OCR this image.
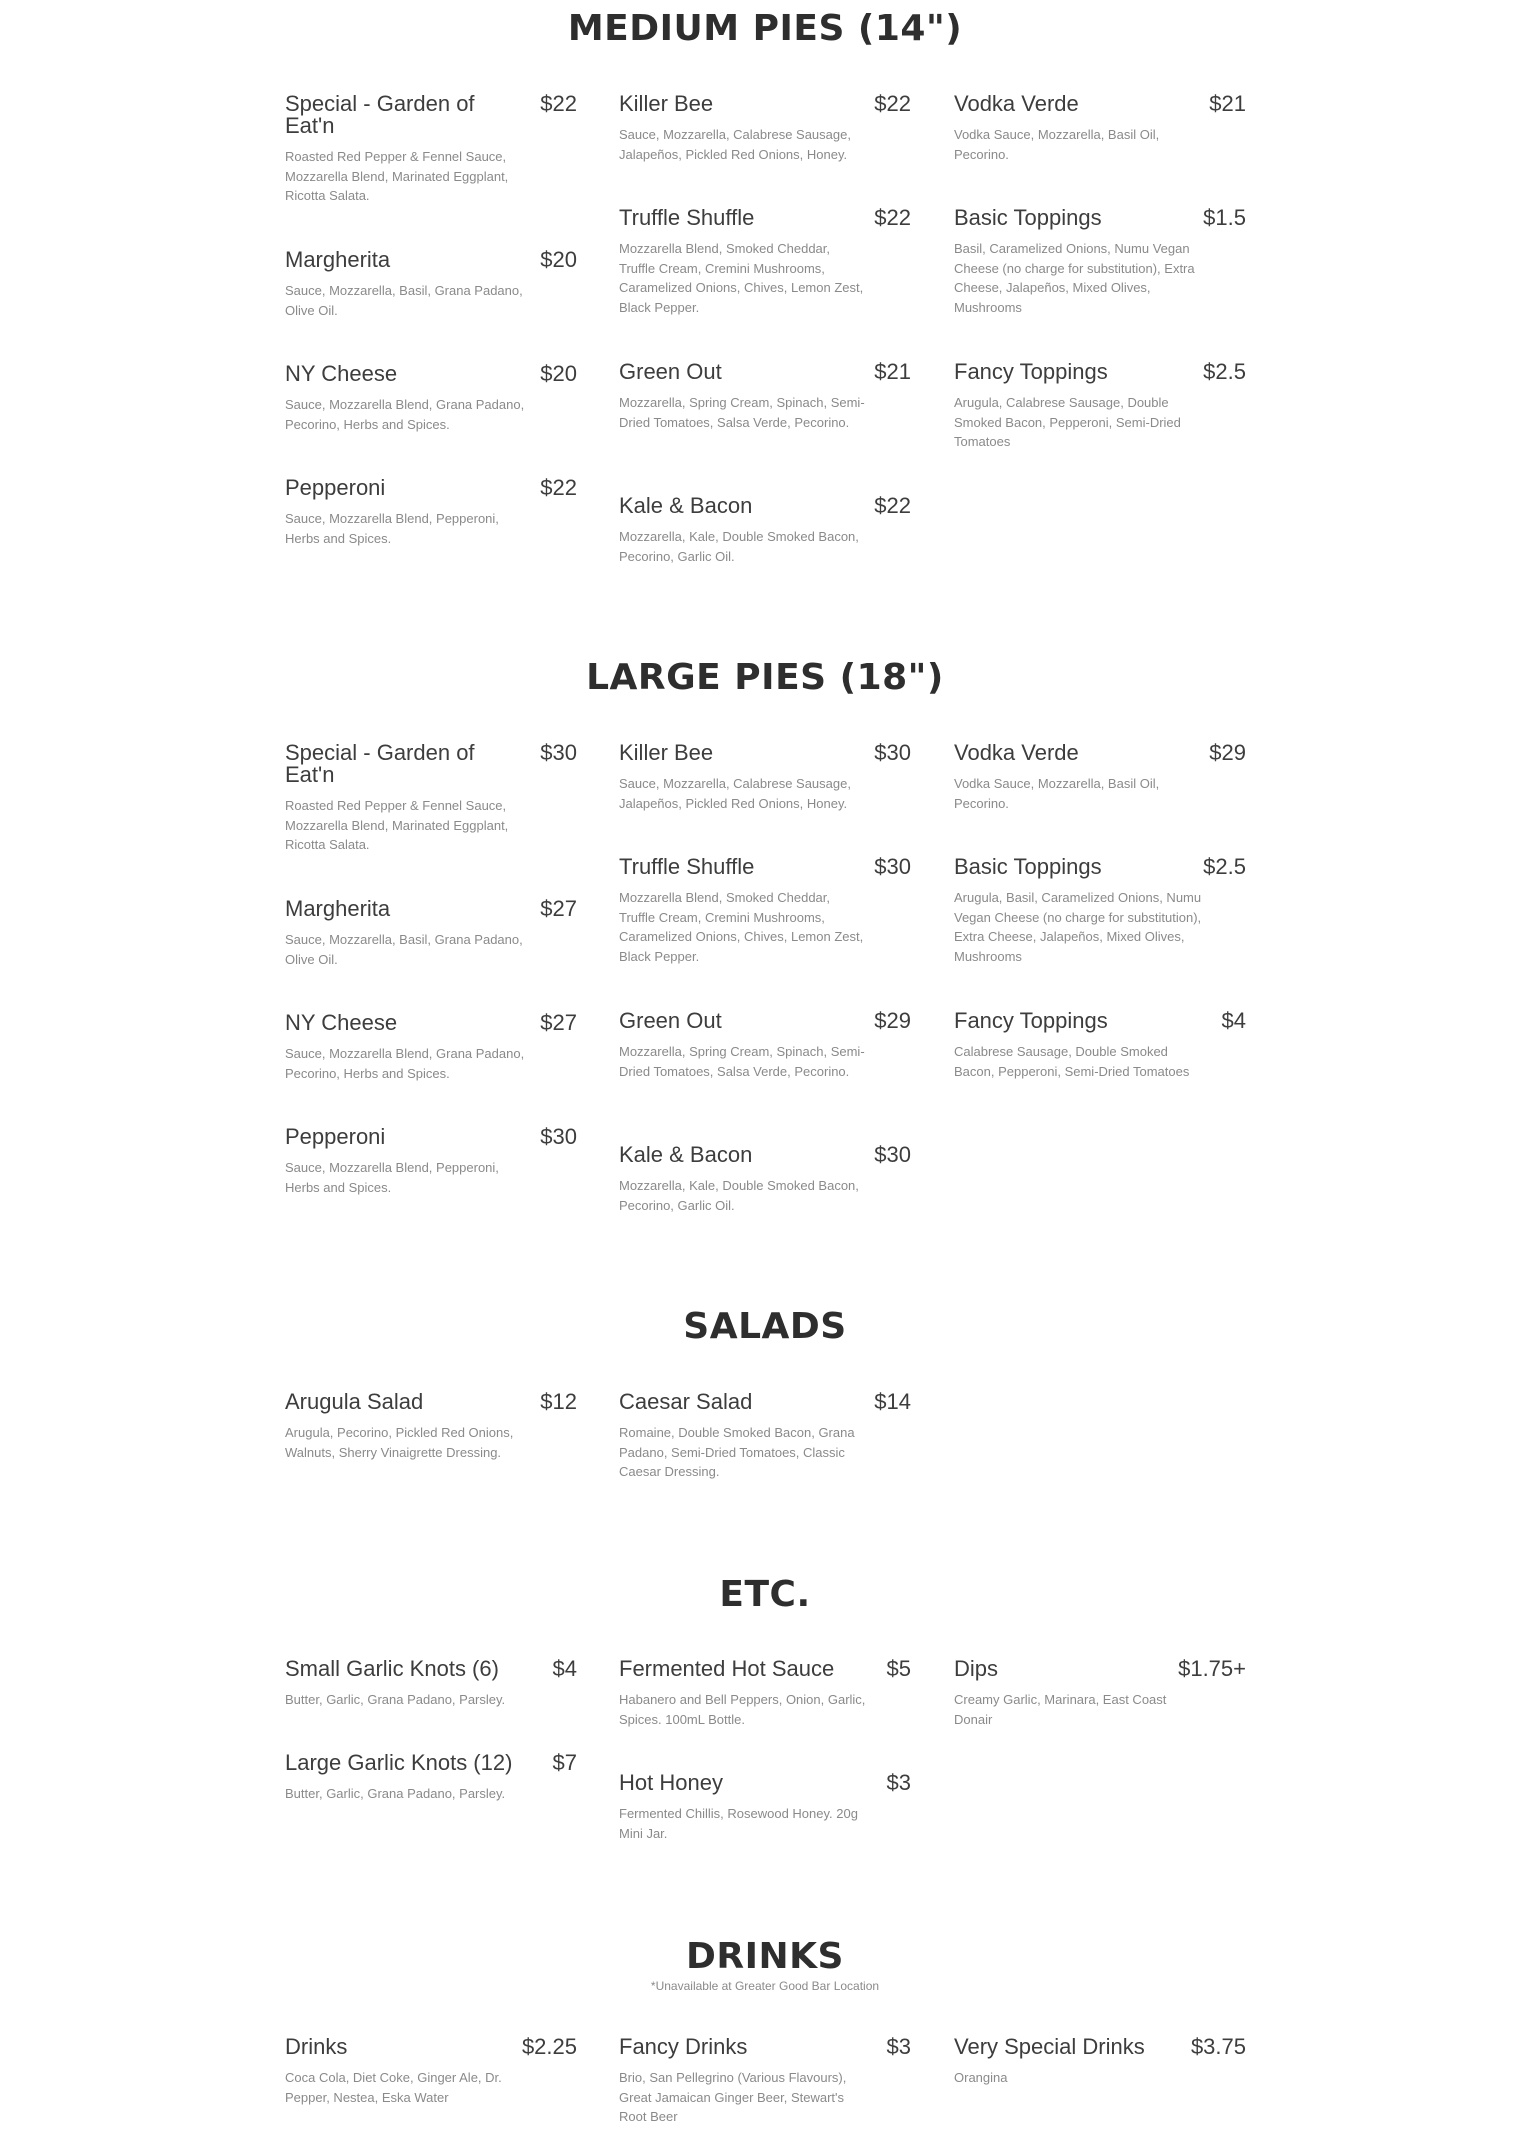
MEDIUM PIES (14")
LARGE PIES (18")
SALADS
ETC.
DRINKS
*Unavailable at Greater Good Bar Location
Special - Garden of Eat'n
$22
Roasted Red Pepper & Fennel Sauce, Mozzarella Blend, Marinated Eggplant, Ricotta Salata.
Margherita	$20
Sauce, Mozzarella, Basil, Grana Padano, Olive Oil.
NY Cheese	$20
Sauce, Mozzarella Blend, Grana Padano, Pecorino, Herbs and Spices.
Pepperoni	$22
Sauce, Mozzarella Blend, Pepperoni, Herbs and Spices.
Killer Bee	$22
Sauce, Mozzarella, Calabrese Sausage, Jalapeños, Pickled Red Onions, Honey.
Truffle Shuffle	$22
Mozzarella Blend, Smoked Cheddar, Truffle Cream, Cremini Mushrooms, Caramelized Onions, Chives, Lemon Zest, Black Pepper.
Green Out	$21
Mozzarella, Spring Cream, Spinach, Semi-Dried Tomatoes, Salsa Verde, Pecorino.
Kale & Bacon	$22
Mozzarella, Kale, Double Smoked Bacon, Pecorino, Garlic Oil.
Vodka Verde	$21
Vodka Sauce, Mozzarella, Basil Oil, Pecorino.
Basic Toppings	$1.5
Basil, Caramelized Onions, Numu Vegan Cheese (no charge for substitution), Extra Cheese, Jalapeños, Mixed Olives, Mushrooms
Fancy Toppings	$2.5
Arugula, Calabrese Sausage, Double Smoked Bacon, Pepperoni, Semi-Dried Tomatoes
Special - Garden of Eat'n
$30
Roasted Red Pepper & Fennel Sauce, Mozzarella Blend, Marinated Eggplant, Ricotta Salata.
Margherita	$27
Sauce, Mozzarella, Basil, Grana Padano, Olive Oil.
NY Cheese	$27
Sauce, Mozzarella Blend, Grana Padano, Pecorino, Herbs and Spices.
Pepperoni	$30
Sauce, Mozzarella Blend, Pepperoni, Herbs and Spices.
Killer Bee	$30
Sauce, Mozzarella, Calabrese Sausage, Jalapeños, Pickled Red Onions, Honey.
Truffle Shuffle	$30
Mozzarella Blend, Smoked Cheddar, Truffle Cream, Cremini Mushrooms, Caramelized Onions, Chives, Lemon Zest, Black Pepper.
Green Out	$29
Mozzarella, Spring Cream, Spinach, Semi-Dried Tomatoes, Salsa Verde, Pecorino.
Kale & Bacon	$30
Mozzarella, Kale, Double Smoked Bacon, Pecorino, Garlic Oil.
Vodka Verde	$29
Vodka Sauce, Mozzarella, Basil Oil, Pecorino.
Basic Toppings	$2.5
Arugula, Basil, Caramelized Onions, Numu Vegan Cheese (no charge for substitution), Extra Cheese, Jalapeños, Mixed Olives, Mushrooms
Fancy Toppings	$4
Calabrese Sausage, Double Smoked Bacon, Pepperoni, Semi-Dried Tomatoes
Arugula Salad	$12
Arugula, Pecorino, Pickled Red Onions, Walnuts, Sherry Vinaigrette Dressing.
Caesar Salad	$14
Romaine, Double Smoked Bacon, Grana Padano, Semi-Dried Tomatoes, Classic Caesar Dressing.
Small Garlic Knots (6)	$4
Butter, Garlic, Grana Padano, Parsley.
Large Garlic Knots (12)	$7
Butter, Garlic, Grana Padano, Parsley.
Fermented Hot Sauce	$5
Habanero and Bell Peppers, Onion, Garlic, Spices. 100mL Bottle.
Hot Honey	$3
Fermented Chillis, Rosewood Honey. 20g Mini Jar.
Dips	$1.75+
Creamy Garlic, Marinara, East Coast Donair
Drinks	$2.25
Coca Cola, Diet Coke, Ginger Ale, Dr. Pepper, Nestea, Eska Water
Fancy Drinks	$3
Brio, San Pellegrino (Various Flavours), Great Jamaican Ginger Beer, Stewart's Root Beer
Very Special Drinks	$3.75
Orangina
